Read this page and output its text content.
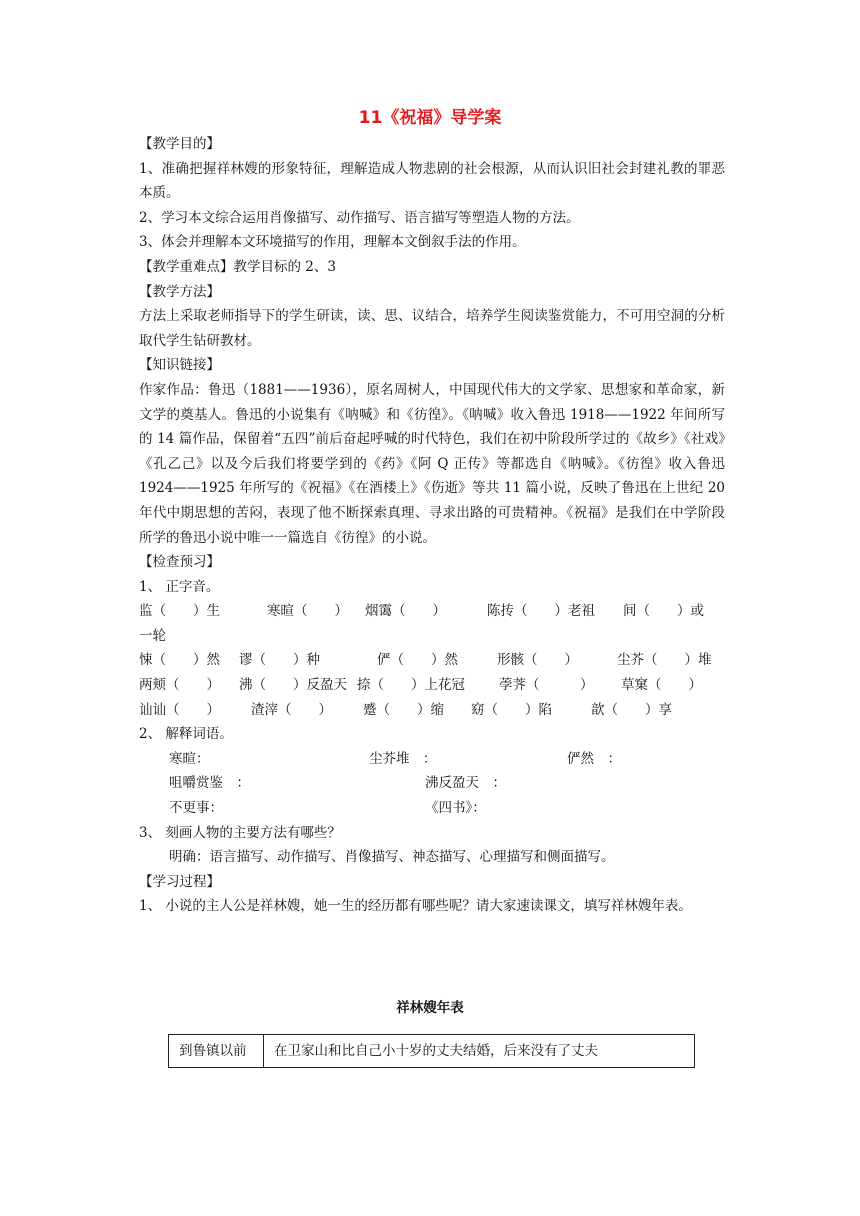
11《祝福》导学案

【教学目的】

1、准确把握祥林嫂的形象特征，理解造成人物悲剧的社会根源，从而认识旧社会封建礼教的罪恶本质。

2、学习本文综合运用肖像描写、动作描写、语言描写等塑造人物的方法。

3、体会并理解本文环境描写的作用，理解本文倒叙手法的作用。

【教学重难点】教学目标的 2、3

【教学方法】

方法上采取老师指导下的学生研读，读、思、议结合，培养学生阅读鉴赏能力，不可用空洞的分析取代学生钻研教材。

【知识链接】

作家作品：鲁迅（1881——1936），原名周树人，中国现代伟大的文学家、思想家和革命家，新文学的奠基人。鲁迅的小说集有《呐喊》和《彷徨》。《呐喊》收入鲁迅 1918——1922 年间所写的 14 篇作品，保留着“五四”前后奋起呼喊的时代特色，我们在初中阶段所学过的《故乡》《社戏》《孔乙己》以及今后我们将要学到的《药》《阿 Q 正传》等都选自《呐喊》。《彷徨》收入鲁迅 1924——1925 年所写的《祝福》《在酒楼上》《伤逝》等共 11 篇小说，反映了鲁迅在上世纪 20 年代中期思想的苦闷，表现了他不断探索真理、寻求出路的可贵精神。《祝福》是我们在中学阶段所学的鲁迅小说中唯一一篇选自《彷徨》的小说。

【检查预习】

1、 正字音。

监（　　）生	寒暄（　　）	烟霭（　　）	陈抟（　　）老祖	间（　　）或
一轮
悚（　　）然	谬（　　）种	俨（　　）然	形骸（　　）	尘芥（　　）堆
两颊（　　）	沸（　　）反盈天 捺（　　）上花冠	荸荠（　　　）	草窠（　　）
讪讪（　　）	渣滓（　　）	蹙（　　）缩	窈（　　）陷	歆（　　）享

2、 解释词语。

寒暄：	尘芥堆　：	俨然　：
咀嚼赏鉴　：	沸反盈天　：
不更事：	《四书》：

3、 刻画人物的主要方法有哪些？

明确：语言描写、动作描写、肖像描写、神态描写、心理描写和侧面描写。

【学习过程】

1、 小说的主人公是祥林嫂，她一生的经历都有哪些呢？请大家速读课文，填写祥林嫂年表。

祥林嫂年表
到鲁镇以前	在卫家山和比自己小十岁的丈夫结婚，后来没有了丈夫
